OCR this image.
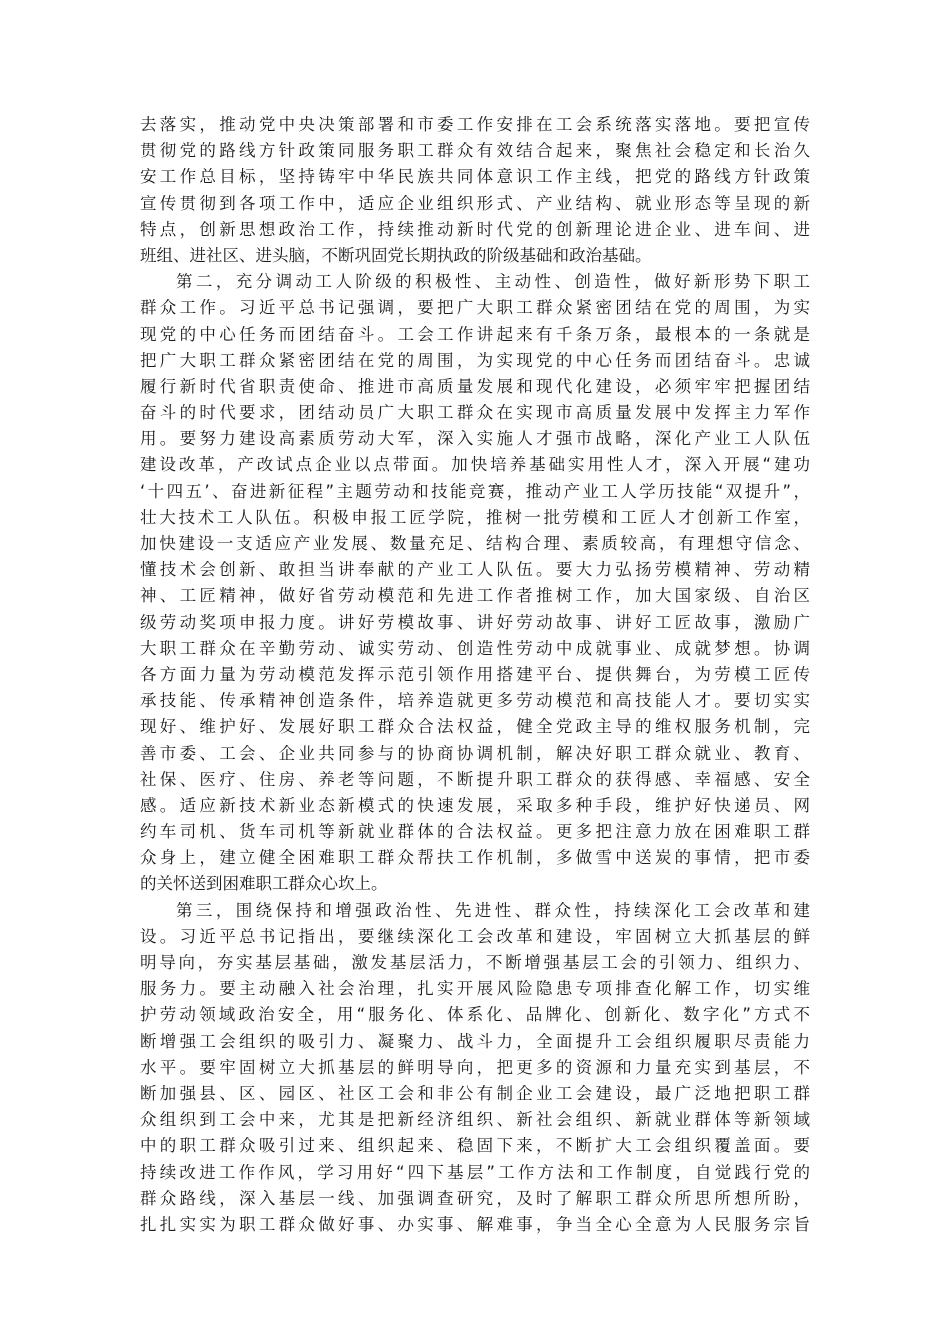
去落实，推动党中央决策部署和市委工作安排在工会系统落实落地。要把宣传
贯彻党的路线方针政策同服务职工群众有效结合起来，聚焦社会稳定和长治久
安工作总目标，坚持铸牢中华民族共同体意识工作主线，把党的路线方针政策
宣传贯彻到各项工作中，适应企业组织形式、产业结构、就业形态等呈现的新
特点，创新思想政治工作，持续推动新时代党的创新理论进企业、进车间、进
班组、进社区、进头脑，不断巩固党长期执政的阶级基础和政治基础。
第二，充分调动工人阶级的积极性、主动性、创造性，做好新形势下职工
群众工作。习近平总书记强调，要把广大职工群众紧密团结在党的周围，为实
现党的中心任务而团结奋斗。工会工作讲起来有千条万条，最根本的一条就是
把广大职工群众紧密团结在党的周围，为实现党的中心任务而团结奋斗。忠诚
履行新时代省职责使命、推进市高质量发展和现代化建设，必须牢牢把握团结
奋斗的时代要求，团结动员广大职工群众在实现市高质量发展中发挥主力军作
用。要努力建设高素质劳动大军，深入实施人才强市战略，深化产业工人队伍
建设改革，产改试点企业以点带面。加快培养基础实用性人才，深入开展“建功
‘十四五’、奋进新征程”主题劳动和技能竞赛，推动产业工人学历技能“双提升”，
壮大技术工人队伍。积极申报工匠学院，推树一批劳模和工匠人才创新工作室，
加快建设一支适应产业发展、数量充足、结构合理、素质较高，有理想守信念、
懂技术会创新、敢担当讲奉献的产业工人队伍。要大力弘扬劳模精神、劳动精
神、工匠精神，做好省劳动模范和先进工作者推树工作，加大国家级、自治区
级劳动奖项申报力度。讲好劳模故事、讲好劳动故事、讲好工匠故事，激励广
大职工群众在辛勤劳动、诚实劳动、创造性劳动中成就事业、成就梦想。协调
各方面力量为劳动模范发挥示范引领作用搭建平台、提供舞台，为劳模工匠传
承技能、传承精神创造条件，培养造就更多劳动模范和高技能人才。要切实实
现好、维护好、发展好职工群众合法权益，健全党政主导的维权服务机制，完
善市委、工会、企业共同参与的协商协调机制，解决好职工群众就业、教育、
社保、医疗、住房、养老等问题，不断提升职工群众的获得感、幸福感、安全
感。适应新技术新业态新模式的快速发展，采取多种手段，维护好快递员、网
约车司机、货车司机等新就业群体的合法权益。更多把注意力放在困难职工群
众身上，建立健全困难职工群众帮扶工作机制，多做雪中送炭的事情，把市委
的关怀送到困难职工群众心坎上。
第三，围绕保持和增强政治性、先进性、群众性，持续深化工会改革和建
设。习近平总书记指出，要继续深化工会改革和建设，牢固树立大抓基层的鲜
明导向，夯实基层基础，激发基层活力，不断增强基层工会的引领力、组织力、
服务力。要主动融入社会治理，扎实开展风险隐患专项排查化解工作，切实维
护劳动领域政治安全，用“服务化、体系化、品牌化、创新化、数字化”方式不
断增强工会组织的吸引力、凝聚力、战斗力，全面提升工会组织履职尽责能力
水平。要牢固树立大抓基层的鲜明导向，把更多的资源和力量充实到基层，不
断加强县、区、园区、社区工会和非公有制企业工会建设，最广泛地把职工群
众组织到工会中来，尤其是把新经济组织、新社会组织、新就业群体等新领域
中的职工群众吸引过来、组织起来、稳固下来，不断扩大工会组织覆盖面。要
持续改进工作作风，学习用好“四下基层”工作方法和工作制度，自觉践行党的
群众路线，深入基层一线、加强调查研究，及时了解职工群众所思所想所盼，
扎扎实实为职工群众做好事、办实事、解难事，争当全心全意为人民服务宗旨
